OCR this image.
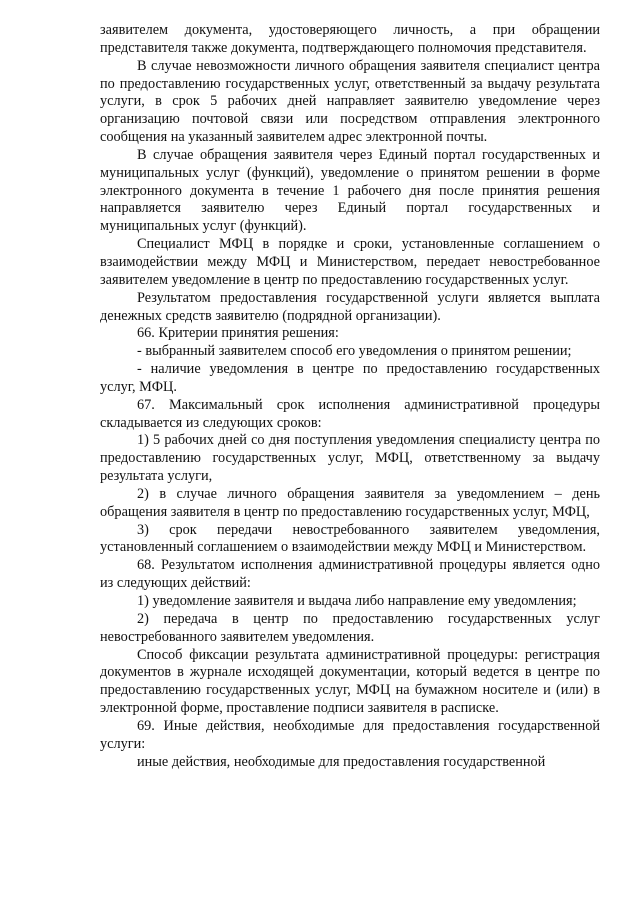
заявителем документа, удостоверяющего личность, а при обращении представителя также документа, подтверждающего полномочия представителя.

В случае невозможности личного обращения заявителя специалист центра по предоставлению государственных услуг, ответственный за выдачу результата услуги, в срок 5 рабочих дней направляет заявителю уведомление через организацию почтовой связи или посредством отправления электронного сообщения на указанный заявителем адрес электронной почты.

В случае обращения заявителя через Единый портал государственных и муниципальных услуг (функций), уведомление о принятом решении в форме электронного документа в течение 1 рабочего дня после принятия решения направляется заявителю через Единый портал государственных и муниципальных услуг (функций).

Специалист МФЦ в порядке и сроки, установленные соглашением о взаимодействии между МФЦ и Министерством, передает невостребованное заявителем уведомление в центр по предоставлению государственных услуг.

Результатом предоставления государственной услуги является выплата денежных средств заявителю (подрядной организации).

66. Критерии принятия решения:

- выбранный заявителем способ его уведомления о принятом решении;

- наличие уведомления в центре по предоставлению государственных услуг, МФЦ.

67. Максимальный срок исполнения административной процедуры складывается из следующих сроков:

1) 5 рабочих дней со дня поступления уведомления специалисту центра по предоставлению государственных услуг, МФЦ, ответственному за выдачу результата услуги,

2) в случае личного обращения заявителя за уведомлением – день обращения заявителя в центр по предоставлению государственных услуг, МФЦ,

3) срок передачи невостребованного заявителем уведомления, установленный соглашением о взаимодействии между МФЦ и Министерством.

68. Результатом исполнения административной процедуры является одно из следующих действий:

1) уведомление заявителя и выдача либо направление ему уведомления;

2) передача в центр по предоставлению государственных услуг невостребованного заявителем уведомления.

Способ фиксации результата административной процедуры: регистрация документов в журнале исходящей документации, который ведется в центре по предоставлению государственных услуг, МФЦ на бумажном носителе и (или) в электронной форме, проставление подписи заявителя в расписке.

69. Иные действия, необходимые для предоставления государственной услуги:

иные действия, необходимые для предоставления государственной
